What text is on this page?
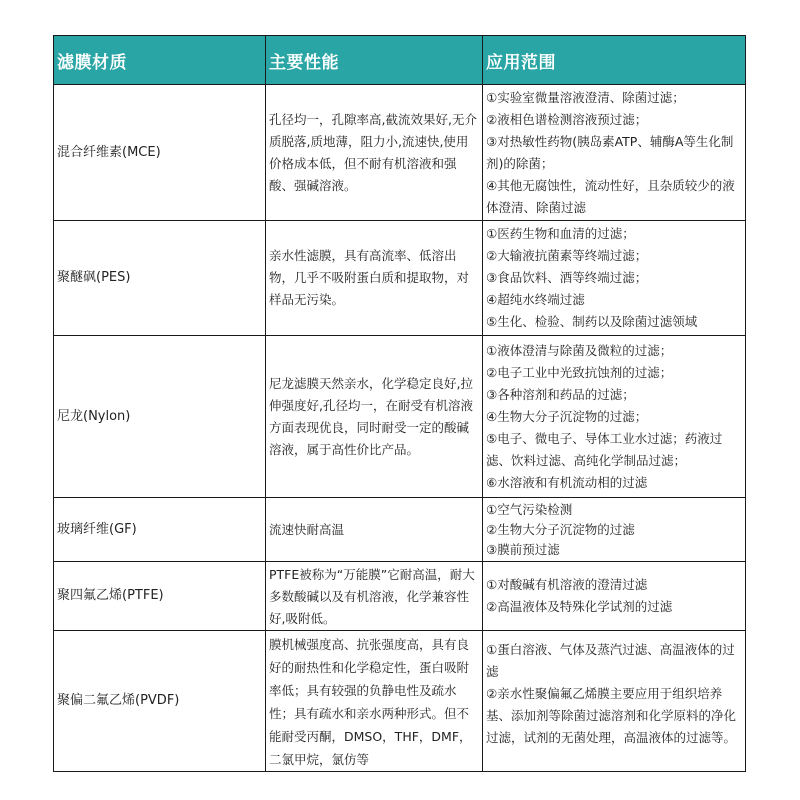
滤膜材质	主要性能	应用范围
混合纤维素(MCE)	孔径均一，孔隙率高,截流效果好,无介质脱落,质地薄，阻力小,流速快,使用价格成本低，但不耐有机溶液和强酸、强碱溶液。	①实验室微量溶液澄清、除菌过滤；
②液相色谱检测溶液预过滤；
③对热敏性药物(胰岛素ATP、辅酶A等生化制剂)的除菌；
④其他无腐蚀性，流动性好，且杂质较少的液体澄清、除菌过滤

聚醚砜(PES)	亲水性滤膜，具有高流率、低溶出物，几乎不吸附蛋白质和提取物，对样品无污染。	①医药生物和血清的过滤；
②大输液抗菌素等终端过滤；
③食品饮料、酒等终端过滤；
④超纯水终端过滤
⑤生化、检验、制药以及除菌过滤领域

尼龙(Nylon)	尼龙滤膜天然亲水，化学稳定良好,拉伸强度好,孔径均一，在耐受有机溶液方面表现优良，同时耐受一定的酸碱溶液，属于高性价比产品。	
①液体澄清与除菌及微粒的过滤；
②电子工业中光致抗蚀剂的过滤；
③各种溶剂和药品的过滤；
④生物大分子沉淀物的过滤；
⑤电子、微电子、导体工业水过滤；药液过滤、饮料过滤、高纯化学制品过滤；
⑥水溶液和有机流动相的过滤

玻璃纤维(GF)	流速快耐高温	①空气污染检测
②生物大分子沉淀物的过滤
③膜前预过滤

聚四氟乙烯(PTFE)	PTFE被称为“万能膜”它耐高温，耐大多数酸碱以及有机溶液，化学兼容性好,吸附低。	①对酸碱有机溶液的澄清过滤
②高温液体及特殊化学试剂的过滤

聚偏二氟乙烯(PVDF)	膜机械强度高、抗张强度高，具有良好的耐热性和化学稳定性，蛋白吸附率低；具有较强的负静电性及疏水性；具有疏水和亲水两种形式。但不能耐受丙酮，DMSO，THF，DMF，二氯甲烷，氯仿等	①蛋白溶液、气体及蒸汽过滤、高温液体的过滤
②亲水性聚偏氟乙烯膜主要应用于组织培养基、添加剂等除菌过滤溶剂和化学原料的净化过滤，试剂的无菌处理，高温液体的过滤等。
